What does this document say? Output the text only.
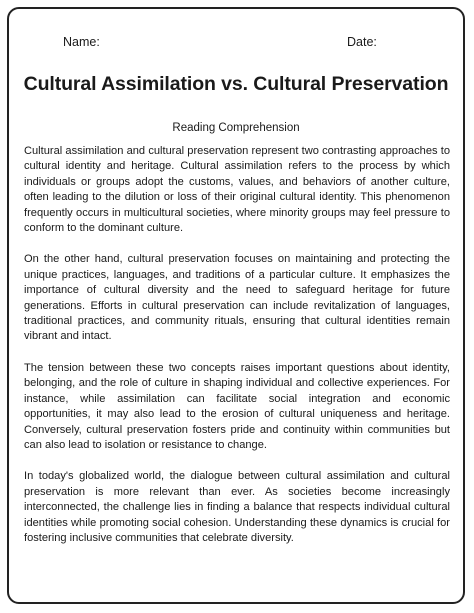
Name:	Date:
Cultural Assimilation vs. Cultural Preservation
Reading Comprehension

Cultural assimilation and cultural preservation represent two contrasting approaches to cultural identity and heritage. Cultural assimilation refers to the process by which individuals or groups adopt the customs, values, and behaviors of another culture, often leading to the dilution or loss of their original cultural identity. This phenomenon frequently occurs in multicultural societies, where minority groups may feel pressure to conform to the dominant culture.

On the other hand, cultural preservation focuses on maintaining and protecting the unique practices, languages, and traditions of a particular culture. It emphasizes the importance of cultural diversity and the need to safeguard heritage for future generations. Efforts in cultural preservation can include revitalization of languages, traditional practices, and community rituals, ensuring that cultural identities remain vibrant and intact.

The tension between these two concepts raises important questions about identity, belonging, and the role of culture in shaping individual and collective experiences. For instance, while assimilation can facilitate social integration and economic opportunities, it may also lead to the erosion of cultural uniqueness and heritage. Conversely, cultural preservation fosters pride and continuity within communities but can also lead to isolation or resistance to change.

In today's globalized world, the dialogue between cultural assimilation and cultural preservation is more relevant than ever. As societies become increasingly interconnected, the challenge lies in finding a balance that respects individual cultural identities while promoting social cohesion. Understanding these dynamics is crucial for fostering inclusive communities that celebrate diversity.
